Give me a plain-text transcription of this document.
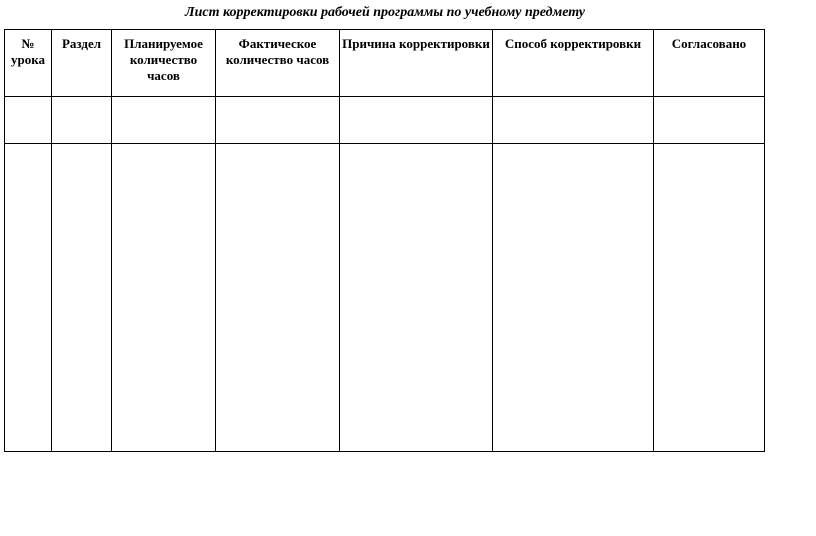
Лист корректировки рабочей программы по учебному предмету
№ урока	Раздел	Планируемое количество часов	Фактическое количество часов	Причина корректировки	Способ корректировки	Согласовано
